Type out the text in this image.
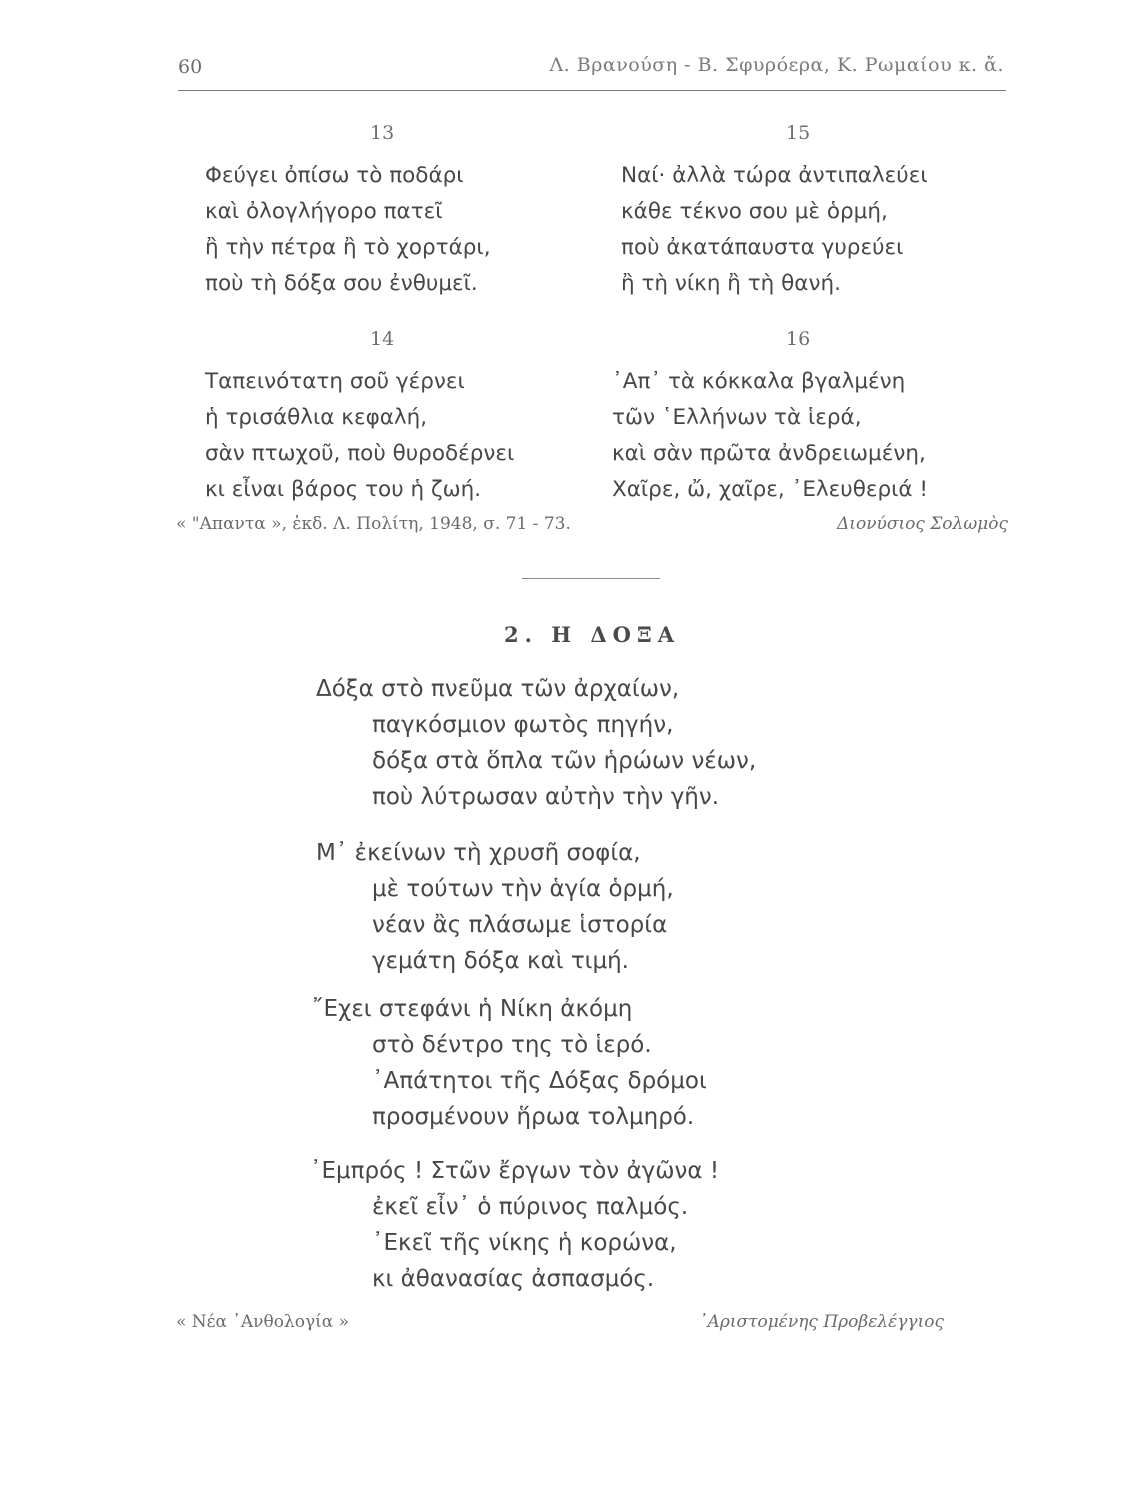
60	Λ. Βρανούση - Β. Σφυρόερα, Κ. Ρωμαίου κ. ἄ.
13
Φεύγει ὀπίσω τὸ ποδάρι
καὶ ὀλογλήγορο πατεῖ
ἢ τὴν πέτρα ἢ τὸ χορτάρι,
ποὺ τὴ δόξα σου ἐνθυμεῖ.
15
Ναί· ἀλλὰ τώρα ἀντιπαλεύει
κάθε τέκνο σου μὲ ὁρμή,
ποὺ ἀκατάπαυστα γυρεύει
ἢ τὴ νίκη ἢ τὴ θανή.
14
Ταπεινότατη σοῦ γέρνει
ἡ τρισάθλια κεφαλή,
σὰν πτωχοῦ, ποὺ θυροδέρνει
κι εἶναι βάρος του ἡ ζωή.
16
᾿Απ᾿ τὰ κόκκαλα βγαλμένη
τῶν ῾Ελλήνων τὰ ἱερά,
καὶ σὰν πρῶτα ἀνδρειωμένη,
Χαῖρε, ὤ, χαῖρε, ᾿Ελευθεριά !
« "Απαντα », ἐκδ. Λ. Πολίτη, 1948, σ. 71 - 73.	Διονύσιος Σολωμὸς
2. Η ΔΟΞΑ
Δόξα στὸ πνεῦμα τῶν ἀρχαίων,
παγκόσμιον φωτὸς πηγήν,
δόξα στὰ ὅπλα τῶν ἡρώων νέων,
ποὺ λύτρωσαν αὐτὴν τὴν γῆν.
Μ᾿ ἐκείνων τὴ χρυσῆ σοφία,
μὲ τούτων τὴν ἁγία ὁρμή,
νέαν ἂς πλάσωμε ἱστορία
γεμάτη δόξα καὶ τιμή.
῎Εχει στεφάνι ἡ Νίκη ἀκόμη
στὸ δέντρο της τὸ ἱερό.
᾿Απάτητοι τῆς Δόξας δρόμοι
προσμένουν ἥρωα τολμηρό.
᾿Εμπρός ! Στῶν ἔργων τὸν ἀγῶνα !
ἐκεῖ εἶν᾿ ὁ πύρινος παλμός.
᾿Εκεῖ τῆς νίκης ἡ κορώνα,
κι ἀθανασίας ἀσπασμός.
« Νέα ᾿Ανθολογία »	᾿Αριστομένης Προβελέγγιος
